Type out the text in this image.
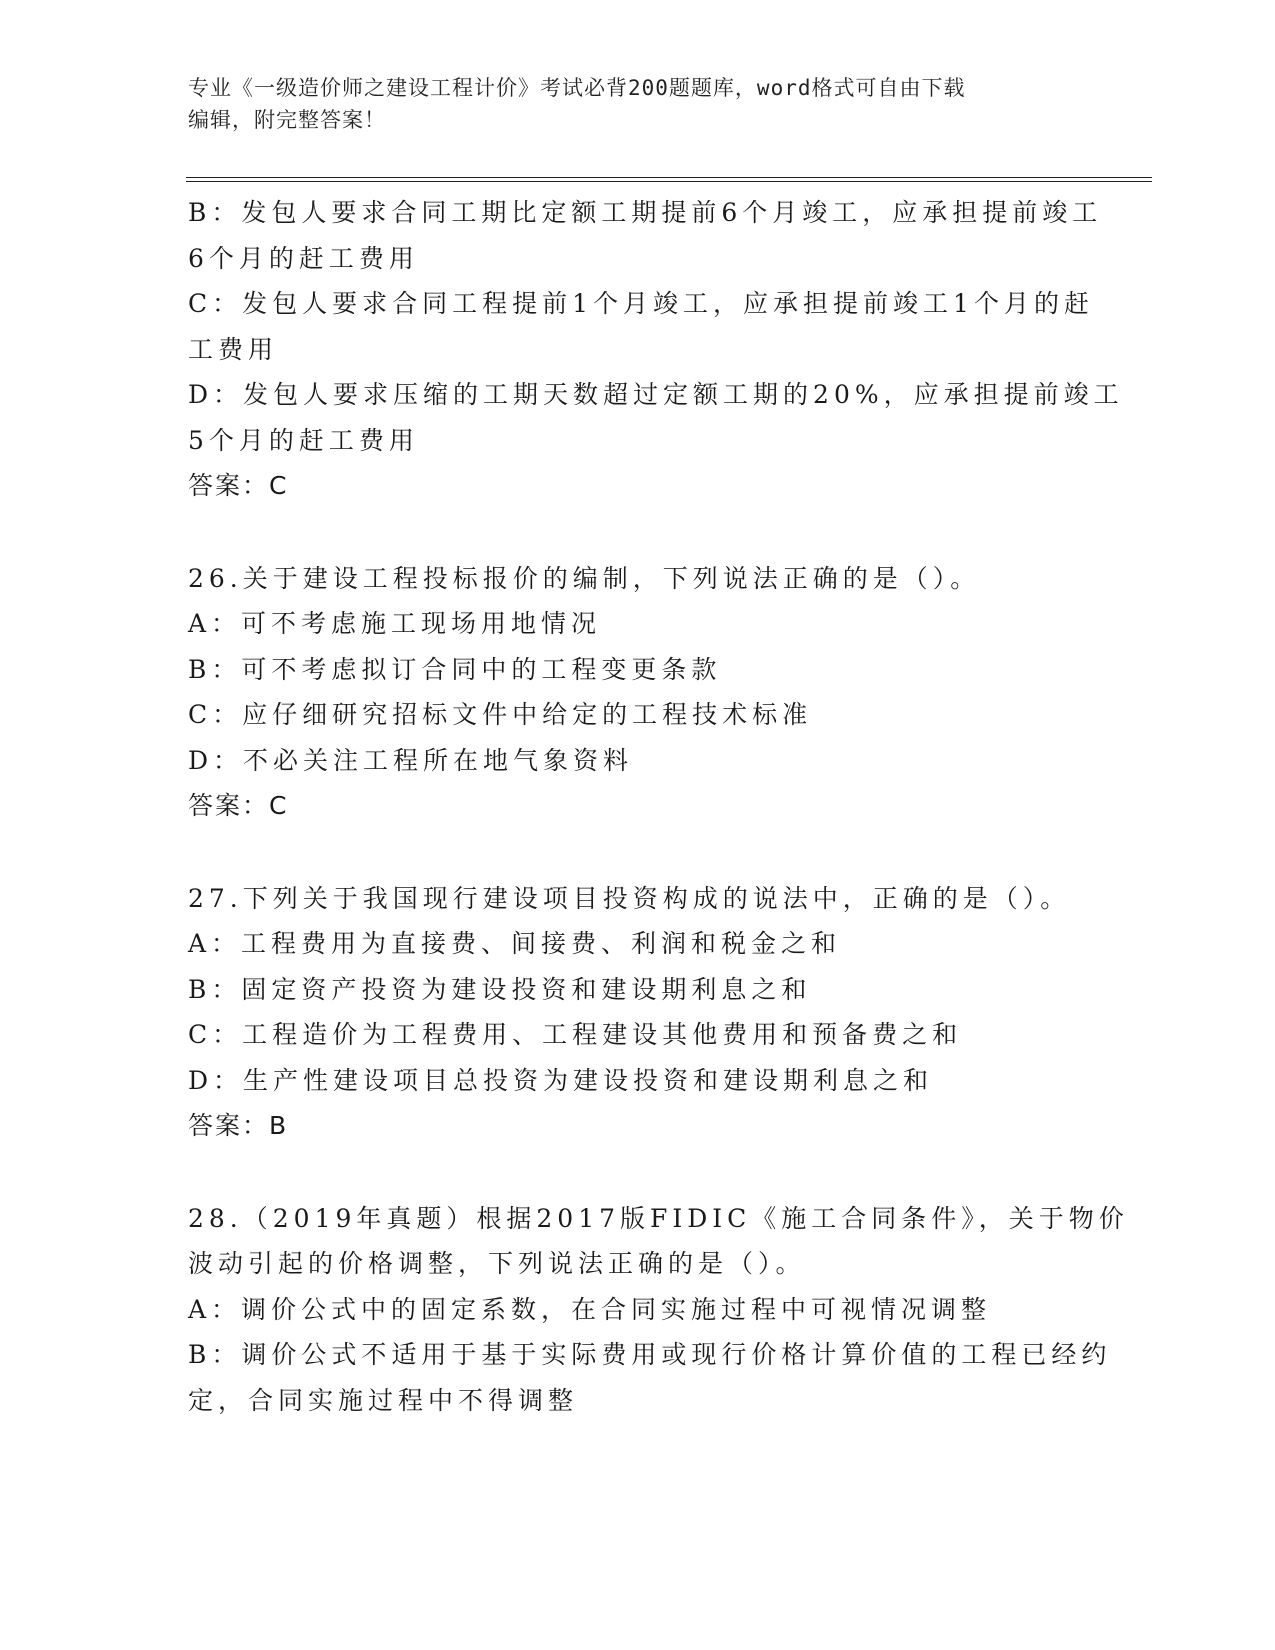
专业《一级造价师之建设工程计价》考试必背200题题库，word格式可自由下载
编辑，附完整答案！
B：发包人要求合同工期比定额工期提前6个月竣工，应承担提前竣工
6个月的赶工费用
C：发包人要求合同工程提前1个月竣工，应承担提前竣工1个月的赶
工费用
D：发包人要求压缩的工期天数超过定额工期的20%，应承担提前竣工
5个月的赶工费用
答案：C
26.关于建设工程投标报价的编制，下列说法正确的是（）。
A：可不考虑施工现场用地情况
B：可不考虑拟订合同中的工程变更条款
C：应仔细研究招标文件中给定的工程技术标准
D：不必关注工程所在地气象资料
答案：C
27.下列关于我国现行建设项目投资构成的说法中，正确的是（）。
A：工程费用为直接费、间接费、利润和税金之和
B：固定资产投资为建设投资和建设期利息之和
C：工程造价为工程费用、工程建设其他费用和预备费之和
D：生产性建设项目总投资为建设投资和建设期利息之和
答案：B
28.（2019年真题）根据2017版FIDIC《施工合同条件》，关于物价
波动引起的价格调整，下列说法正确的是（）。
A：调价公式中的固定系数，在合同实施过程中可视情况调整
B：调价公式不适用于基于实际费用或现行价格计算价值的工程已经约
定，合同实施过程中不得调整
